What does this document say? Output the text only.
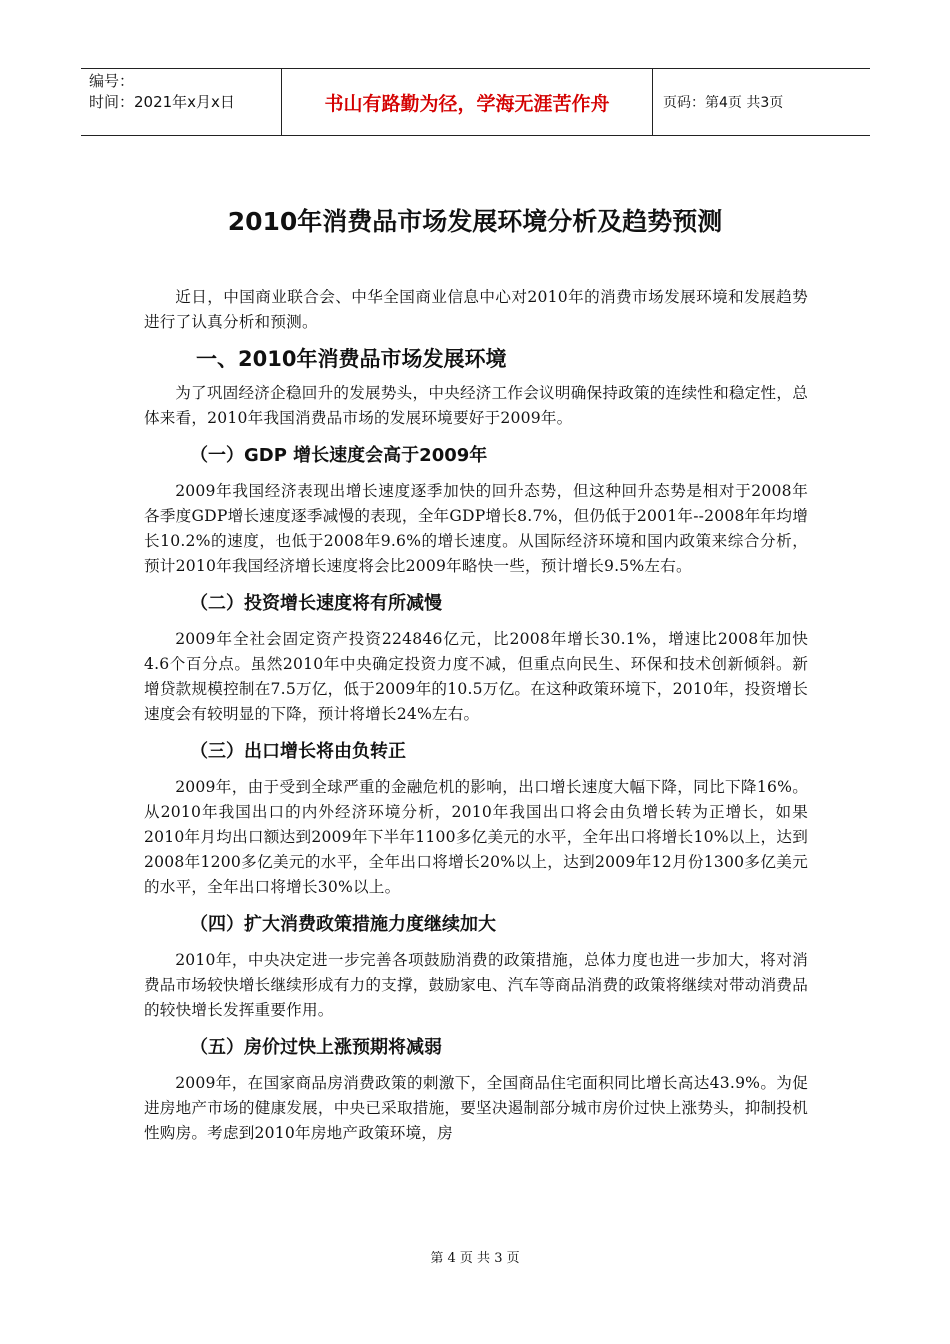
编号：
时间：2021年x月x日	书山有路勤为径，学海无涯苦作舟	页码：第4页 共3页
2010年消费品市场发展环境分析及趋势预测

近日，中国商业联合会、中华全国商业信息中心对2010年的消费市场发展环境和发展趋势进行了认真分析和预测。

一、2010年消费品市场发展环境

为了巩固经济企稳回升的发展势头，中央经济工作会议明确保持政策的连续性和稳定性，总体来看，2010年我国消费品市场的发展环境要好于2009年。

（一）GDP 增长速度会高于2009年

2009年我国经济表现出增长速度逐季加快的回升态势，但这种回升态势是相对于2008年各季度GDP增长速度逐季减慢的表现，全年GDP增长8.7%，但仍低于2001年--2008年年均增长10.2%的速度，也低于2008年9.6%的增长速度。从国际经济环境和国内政策来综合分析，预计2010年我国经济增长速度将会比2009年略快一些，预计增长9.5%左右。

（二）投资增长速度将有所减慢

2009年全社会固定资产投资224846亿元，比2008年增长30.1%，增速比2008年加快4.6个百分点。虽然2010年中央确定投资力度不减，但重点向民生、环保和技术创新倾斜。新增贷款规模控制在7.5万亿，低于2009年的10.5万亿。在这种政策环境下，2010年，投资增长速度会有较明显的下降，预计将增长24%左右。

（三）出口增长将由负转正

2009年，由于受到全球严重的金融危机的影响，出口增长速度大幅下降，同比下降16%。从2010年我国出口的内外经济环境分析，2010年我国出口将会由负增长转为正增长，如果2010年月均出口额达到2009年下半年1100多亿美元的水平，全年出口将增长10%以上，达到2008年1200多亿美元的水平，全年出口将增长20%以上，达到2009年12月份1300多亿美元的水平，全年出口将增长30%以上。

（四）扩大消费政策措施力度继续加大

2010年，中央决定进一步完善各项鼓励消费的政策措施，总体力度也进一步加大，将对消费品市场较快增长继续形成有力的支撑，鼓励家电、汽车等商品消费的政策将继续对带动消费品的较快增长发挥重要作用。

（五）房价过快上涨预期将减弱

2009年，在国家商品房消费政策的刺激下，全国商品住宅面积同比增长高达43.9%。为促进房地产市场的健康发展，中央已采取措施，要坚决遏制部分城市房价过快上涨势头，抑制投机性购房。考虑到2010年房地产政策环境，房

第 4 页 共 3 页
